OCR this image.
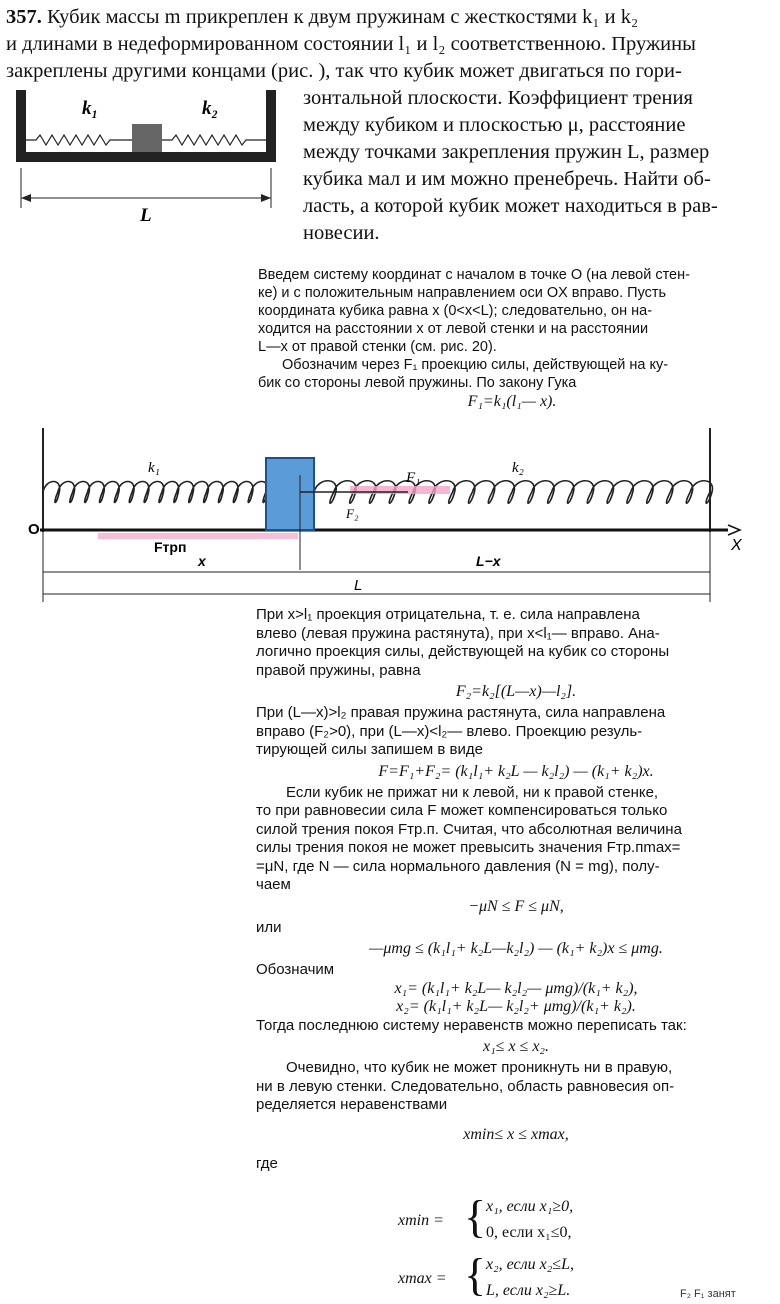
357. Кубик массы m прикреплен к двум пружинам с жесткостями k₁ и k₂
и длинами в недеформированном состоянии l₁ и l₂ соответственною. Пружины
закреплены другими концами (рис. ), так что кубик может двигаться по гори-
зонтальной плоскости. Коэффициент трения
между кубиком и плоскостью μ, расстояние
между точками закрепления пружин L, размер
кубика мал и им можно пренебречь. Найти об-
ласть, а которой кубик может находиться в рав-
новесии.
k₁	k₂
L
Введем систему координат с началом в точке O (на левой стен-
ке) и с положительным направлением оси OX вправо. Пусть
координата кубика равна x (0<x<L); следовательно, он на-
ходится на расстоянии x от левой стенки и на расстоянии
L—x от правой стенки (см. рис. 20).
Обозначим через F₁ проекцию силы, действующей на ку-
бик со стороны левой пружины. По закону Гука
F₁=k₁(l₁— x).
k₁	k₂
F₁
F₂
O
X
Fтрп
x	L−x
L
При x>l₁ проекция отрицательна, т. е. сила направлена
влево (левая пружина растянута), при x<l₁— вправо. Ана-
логично проекция силы, действующей на кубик со стороны
правой пружины, равна
F₂=k₂[(L—x)—l₂].
При (L—x)>l₂ правая пружина растянута, сила направлена
вправо (F₂>0), при (L—x)<l₂— влево. Проекцию резуль-
тирующей силы запишем в виде
F=F₁+F₂= (k₁l₁+ k₂L — k₂l₂) — (k₁+ k₂)x.
Если кубик не прижат ни к левой, ни к правой стенке,
то при равновесии сила F может компенсироваться только
силой трения покоя Fтр.п. Считая, что абсолютная величина
силы трения покоя не может превысить значения Fтр.пmax=
=μN, где N — сила нормального давления (N = mg), полу-
чаем
−μN ≤ F ≤ μN,
или
—μmg ≤ (k₁l₁+ k₂L—k₂l₂) — (k₁+ k₂)x ≤ μmg.
Обозначим
x₁= (k₁l₁+ k₂L— k₂l₂— μmg)/(k₁+ k₂),
x₂= (k₁l₁+ k₂L— k₂l₂+ μmg)/(k₁+ k₂).
Тогда последнюю систему неравенств можно переписать так:
x₁≤ x ≤ x₂.
Очевидно, что кубик не может проникнуть ни в правую,
ни в левую стенки. Следовательно, область равновесия оп-
ределяется неравенствами
xmin≤ x ≤ xmax,
где
xmin = { x₁, если x₁≥0,
0, если x₁≤0,
xmax = { x₂, если x₂≤L,
L, если x₂≥L.	F₂ F₁ занят
